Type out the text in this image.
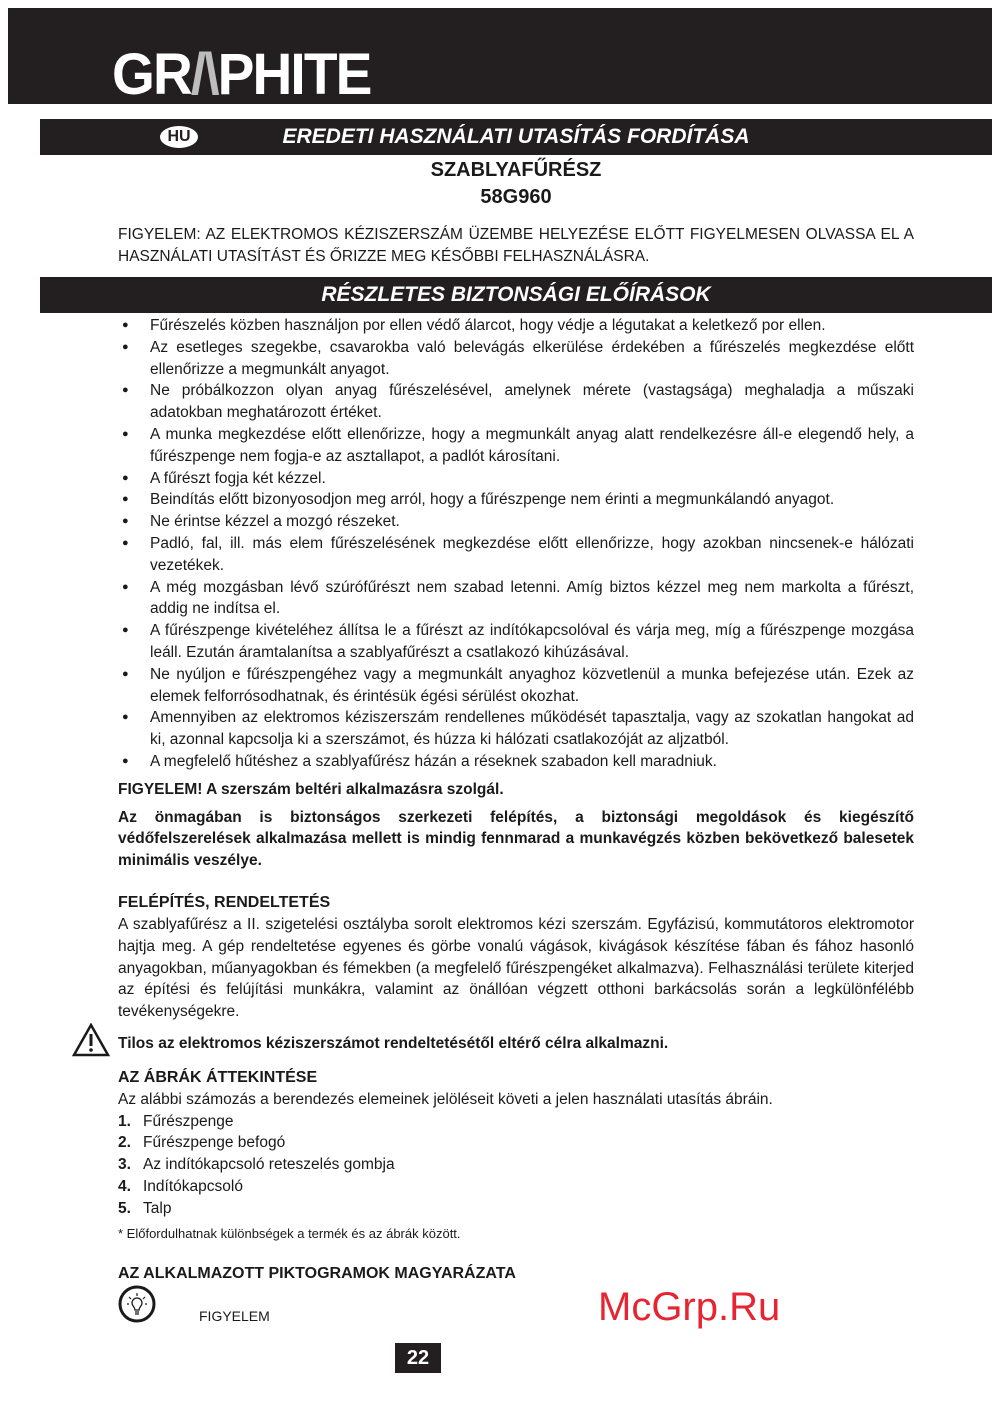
GR/\PHITE
HU	EREDETI HASZNÁLATI UTASÍTÁS FORDÍTÁSA
SZABLYAFŰRÉSZ
58G960
FIGYELEM: AZ ELEKTROMOS KÉZISZERSZÁM ÜZEMBE HELYEZÉSE ELŐTT FIGYELMESEN OLVASSA EL A HASZNÁLATI UTASÍTÁST ÉS ŐRIZZE MEG KÉSŐBBI FELHASZNÁLÁSRA.
RÉSZLETES BIZTONSÁGI ELŐÍRÁSOK
● Fűrészelés közben használjon por ellen védő álarcot, hogy védje a légutakat a keletkező por ellen.
● Az esetleges szegekbe, csavarokba való belevágás elkerülése érdekében a fűrészelés megkezdése előtt ellenőrizze a megmunkált anyagot.
● Ne próbálkozzon olyan anyag fűrészelésével, amelynek mérete (vastagsága) meghaladja a műszaki adatokban meghatározott értéket.
● A munka megkezdése előtt ellenőrizze, hogy a megmunkált anyag alatt rendelkezésre áll-e elegendő hely, a fűrészpenge nem fogja-e az asztallapot, a padlót károsítani.
● A fűrészt fogja két kézzel.
● Beindítás előtt bizonyosodjon meg arról, hogy a fűrészpenge nem érinti a megmunkálandó anyagot.
● Ne érintse kézzel a mozgó részeket.
● Padló, fal, ill. más elem fűrészelésének megkezdése előtt ellenőrizze, hogy azokban nincsenek-e hálózati vezetékek.
● A még mozgásban lévő szúrófűrészt nem szabad letenni. Amíg biztos kézzel meg nem markolta a fűrészt, addig ne indítsa el.
● A fűrészpenge kivételéhez állítsa le a fűrészt az indítókapcsolóval és várja meg, míg a fűrészpenge mozgása leáll. Ezután áramtalanítsa a szablyafűrészt a csatlakozó kihúzásával.
● Ne nyúljon e fűrészpengéhez vagy a megmunkált anyaghoz közvetlenül a munka befejezése után. Ezek az elemek felforrósodhatnak, és érintésük égési sérülést okozhat.
● Amennyiben az elektromos kéziszerszám rendellenes működését tapasztalja, vagy az szokatlan hangokat ad ki, azonnal kapcsolja ki a szerszámot, és húzza ki hálózati csatlakozóját az aljzatból.
● A megfelelő hűtéshez a szablyafűrész házán a réseknek szabadon kell maradniuk.

FIGYELEM! A szerszám beltéri alkalmazásra szolgál.

Az önmagában is biztonságos szerkezeti felépítés, a biztonsági megoldások és kiegészítő védőfelszerelések alkalmazása mellett is mindig fennmarad a munkavégzés közben bekövetkező balesetek minimális veszélye.

FELÉPÍTÉS, RENDELTETÉS

A szablyafűrész a II. szigetelési osztályba sorolt elektromos kézi szerszám. Egyfázisú, kommutátoros elektromotor hajtja meg. A gép rendeltetése egyenes és görbe vonalú vágások, kivágások készítése fában és fához hasonló anyagokban, műanyagokban és fémekben (a megfelelő fűrészpengéket alkalmazva). Felhasználási területe kiterjed az építési és felújítási munkákra, valamint az önállóan végzett otthoni barkácsolás során a legkülönfélébb tevékenységekre.

Tilos az elektromos kéziszerszámot rendeltetésétől eltérő célra alkalmazni.

AZ ÁBRÁK ÁTTEKINTÉSE

Az alábbi számozás a berendezés elemeinek jelöléseit követi a jelen használati utasítás ábráin.

1. Fűrészpenge
2. Fűrészpenge befogó
3. Az indítókapcsoló reteszelés gombja
4. Indítókapcsoló
5. Talp

* Előfordulhatnak különbségek a termék és az ábrák között.

AZ ALKALMAZOTT PIKTOGRAMOK MAGYARÁZATA
FIGYELEM	McGrp.Ru
22
